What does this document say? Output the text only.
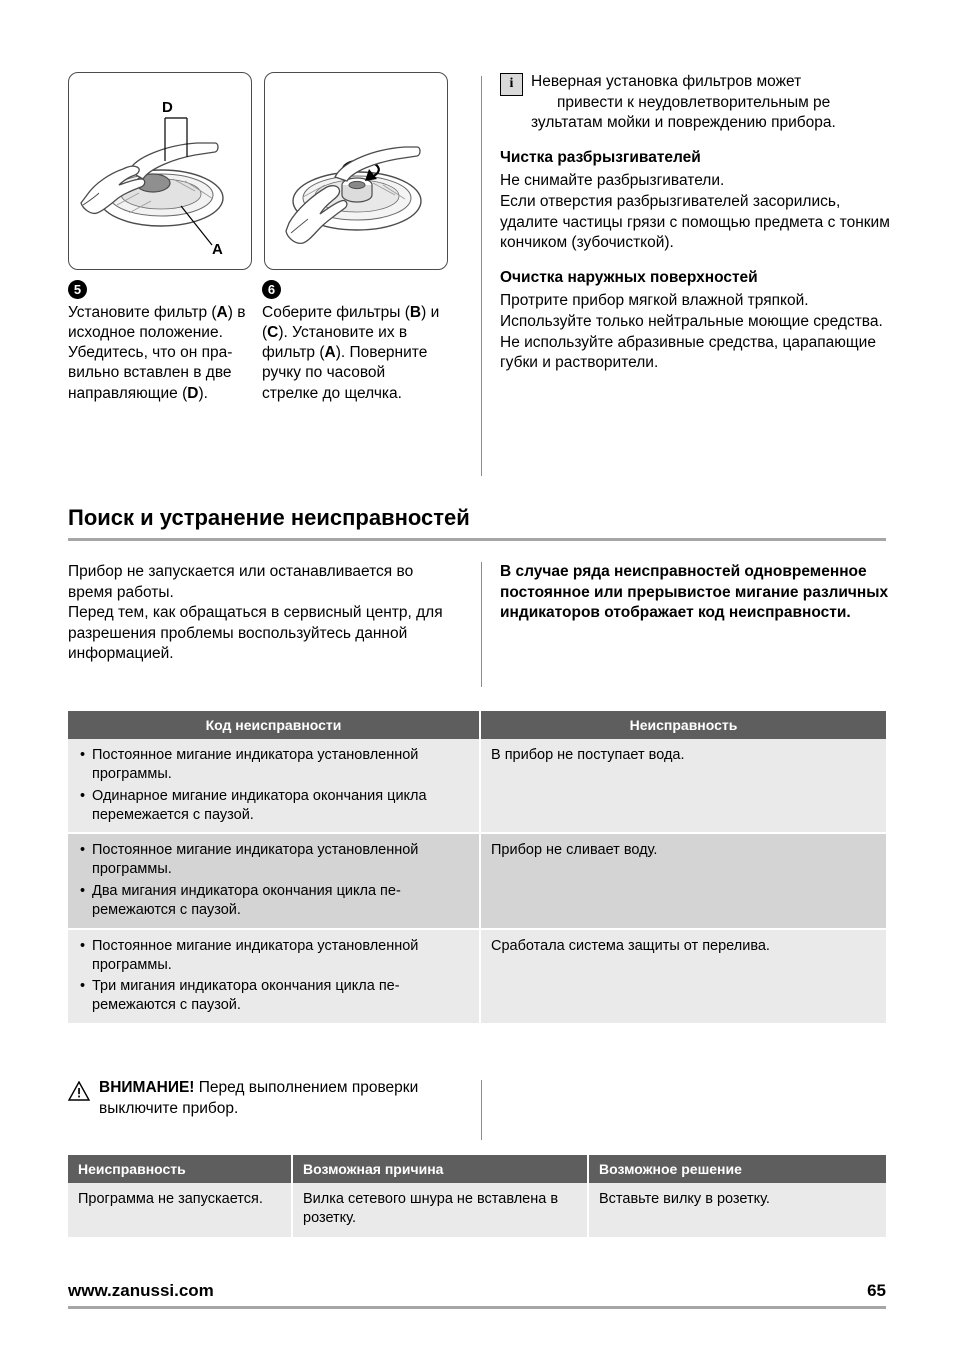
D
A
5
Установите фильтр (A) в исходное положение. Убедитесь, что он правильно вставлен в две направляющие (D).
6
Соберите фильтры (B) и (C). Установите их в фильтр (A). Поверните ручку по часовой стрелке до щелчка.
i	Неверная установка фильтров может
привести к неудовлетворительным ре
зультатам мойки и повреждению прибора.
Чистка разбрызгивателей

Не снимайте разбрызгиватели.

Если отверстия разбрызгивателей засорились, удалите частицы грязи с помощью предмета с тонким кончиком (зубочисткой).

Очистка наружных поверхностей

Протрите прибор мягкой влажной тряпкой. Используйте только нейтральные моющие средства. Не используйте абразивные средства, царапающие губки и растворители.

Поиск и устранение неисправностей

Прибор не запускается или останавливается во время работы.

Перед тем, как обращаться в сервисный центр, для разрешения проблемы воспользуйтесь данной информацией.

В случае ряда неисправностей одновременное постоянное или прерывистое мигание различных индикаторов отображает код неисправности.

Код неисправности	Неисправность

• Постоянное мигание индикатора установленной программы.
• Одинарное мигание индикатора окончания цикла перемежается с паузой.
	В прибор не поступает вода.

• Постоянное мигание индикатора установленной программы.
• Два мигания индикатора окончания цикла перемежаются с паузой.
	Прибор не сливает воду.

• Постоянное мигание индикатора установленной программы.
• Три мигания индикатора окончания цикла перемежаются с паузой.
	Сработала система защиты от перелива.
ВНИМАНИЕ! Перед выполнением проверки выключите прибор.
Неисправность	Возможная причина	Возможное решение
Программа не запускается.	Вилка сетевого шнура не вставлена в розетку.	Вставьте вилку в розетку.
www.zanussi.com	65
